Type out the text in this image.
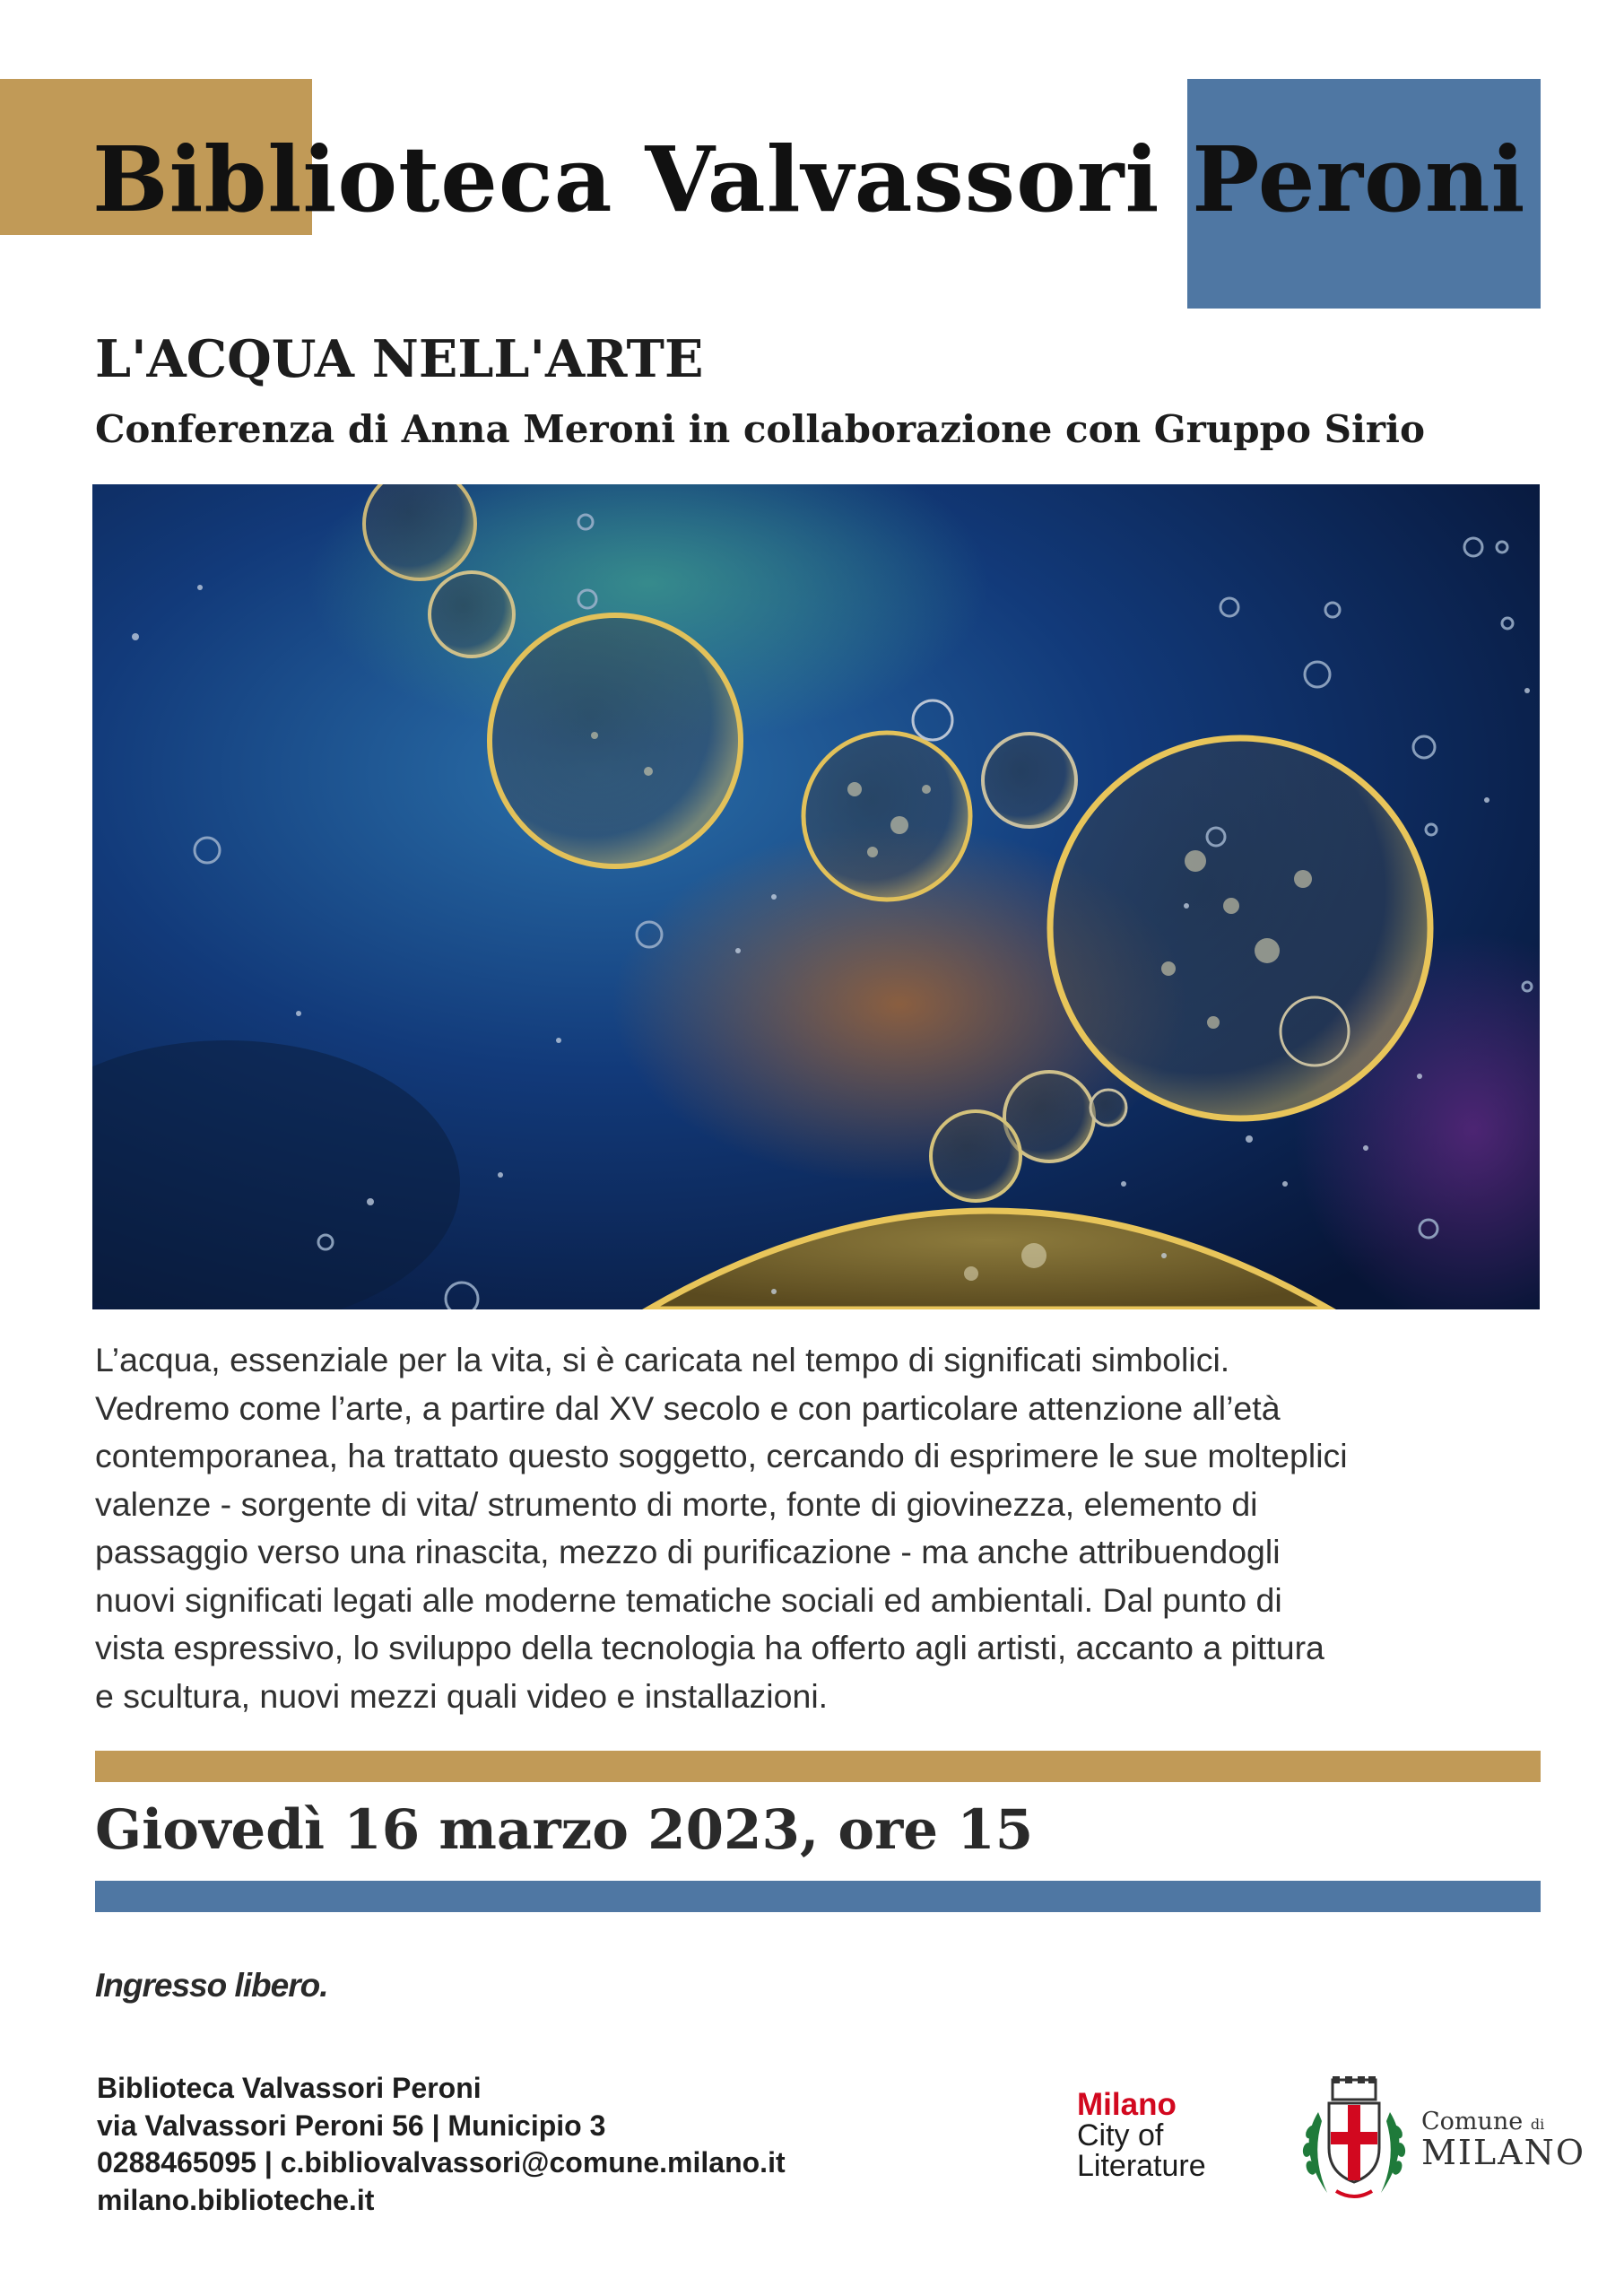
Biblioteca Valvassori Peroni
L'ACQUA NELL'ARTE
Conferenza di Anna Meroni in collaborazione con Gruppo Sirio

L’acqua, essenziale per la vita, si è caricata nel tempo di significati simbolici.
Vedremo come l’arte, a partire dal XV secolo e con particolare attenzione all’età
contemporanea, ha trattato questo soggetto, cercando di esprimere le sue molteplici
valenze - sorgente di vita/ strumento di morte, fonte di giovinezza, elemento di
passaggio verso una rinascita, mezzo di purificazione - ma anche attribuendogli
nuovi significati legati alle moderne tematiche sociali ed ambientali. Dal punto di
vista espressivo, lo sviluppo della tecnologia ha offerto agli artisti, accanto a pittura
e scultura, nuovi mezzi quali video e installazioni.

Giovedì 16 marzo 2023, ore 15

Ingresso libero.

Biblioteca Valvassori Peroni
via Valvassori Peroni 56 | Municipio 3
0288465095 | c.bibliovalvassori@comune.milano.it
milano.biblioteche.it
Milano
City of
Literature
Comune di
MILANO
